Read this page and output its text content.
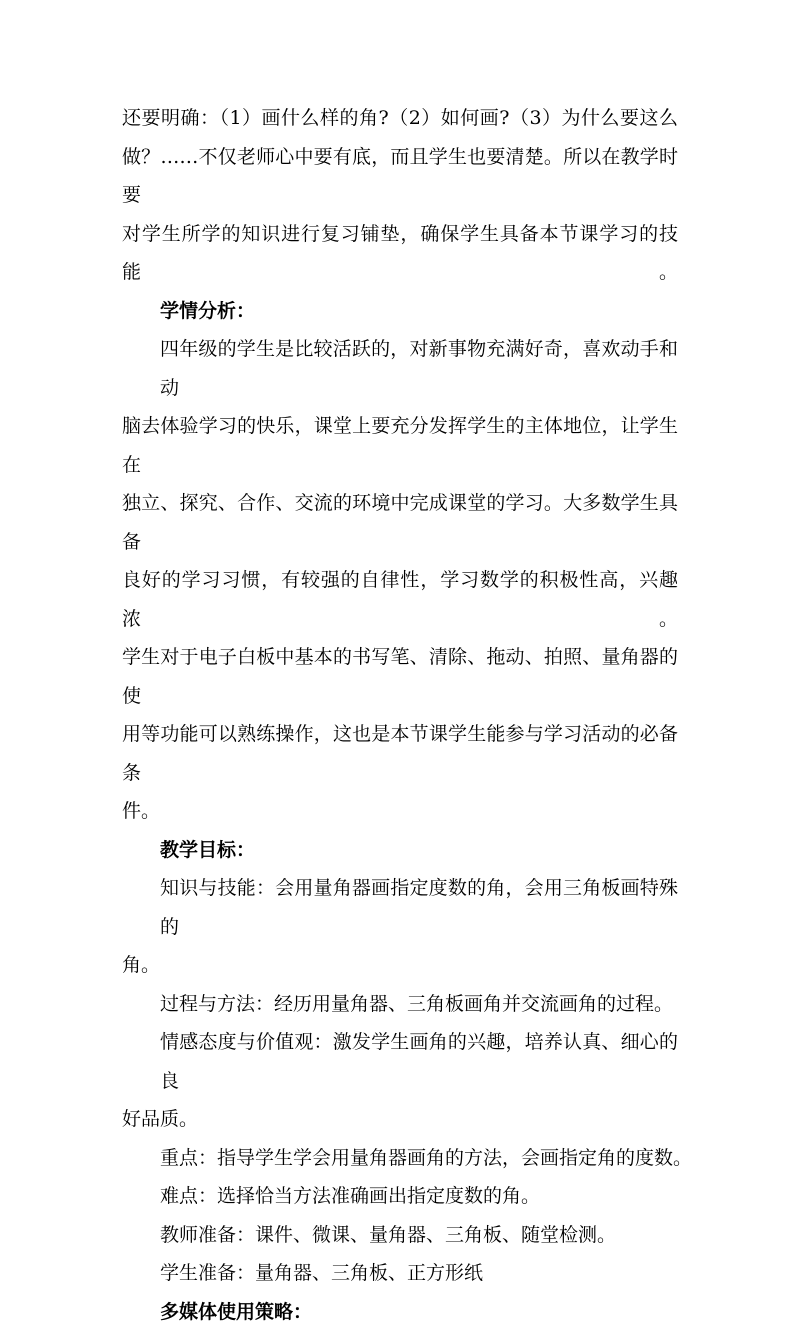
还要明确：（1）画什么样的角?（2）如何画?（3）为什么要这么

做？……不仅老师心中要有底，而且学生也要清楚。所以在教学时要

对学生所学的知识进行复习铺垫，确保学生具备本节课学习的技能。

学情分析：

四年级的学生是比较活跃的，对新事物充满好奇，喜欢动手和动

脑去体验学习的快乐，课堂上要充分发挥学生的主体地位，让学生在

独立、探究、合作、交流的环境中完成课堂的学习。大多数学生具备

良好的学习习惯，有较强的自律性，学习数学的积极性高，兴趣浓。

学生对于电子白板中基本的书写笔、清除、拖动、拍照、量角器的使

用等功能可以熟练操作，这也是本节课学生能参与学习活动的必备条

件。

教学目标：

知识与技能：会用量角器画指定度数的角，会用三角板画特殊的

角。

过程与方法：经历用量角器、三角板画角并交流画角的过程。

情感态度与价值观：激发学生画角的兴趣，培养认真、细心的良

好品质。

重点：指导学生学会用量角器画角的方法，会画指定角的度数。

难点：选择恰当方法准确画出指定度数的角。

教师准备：课件、微课、量角器、三角板、随堂检测。

学生准备：量角器、三角板、正方形纸

多媒体使用策略：
